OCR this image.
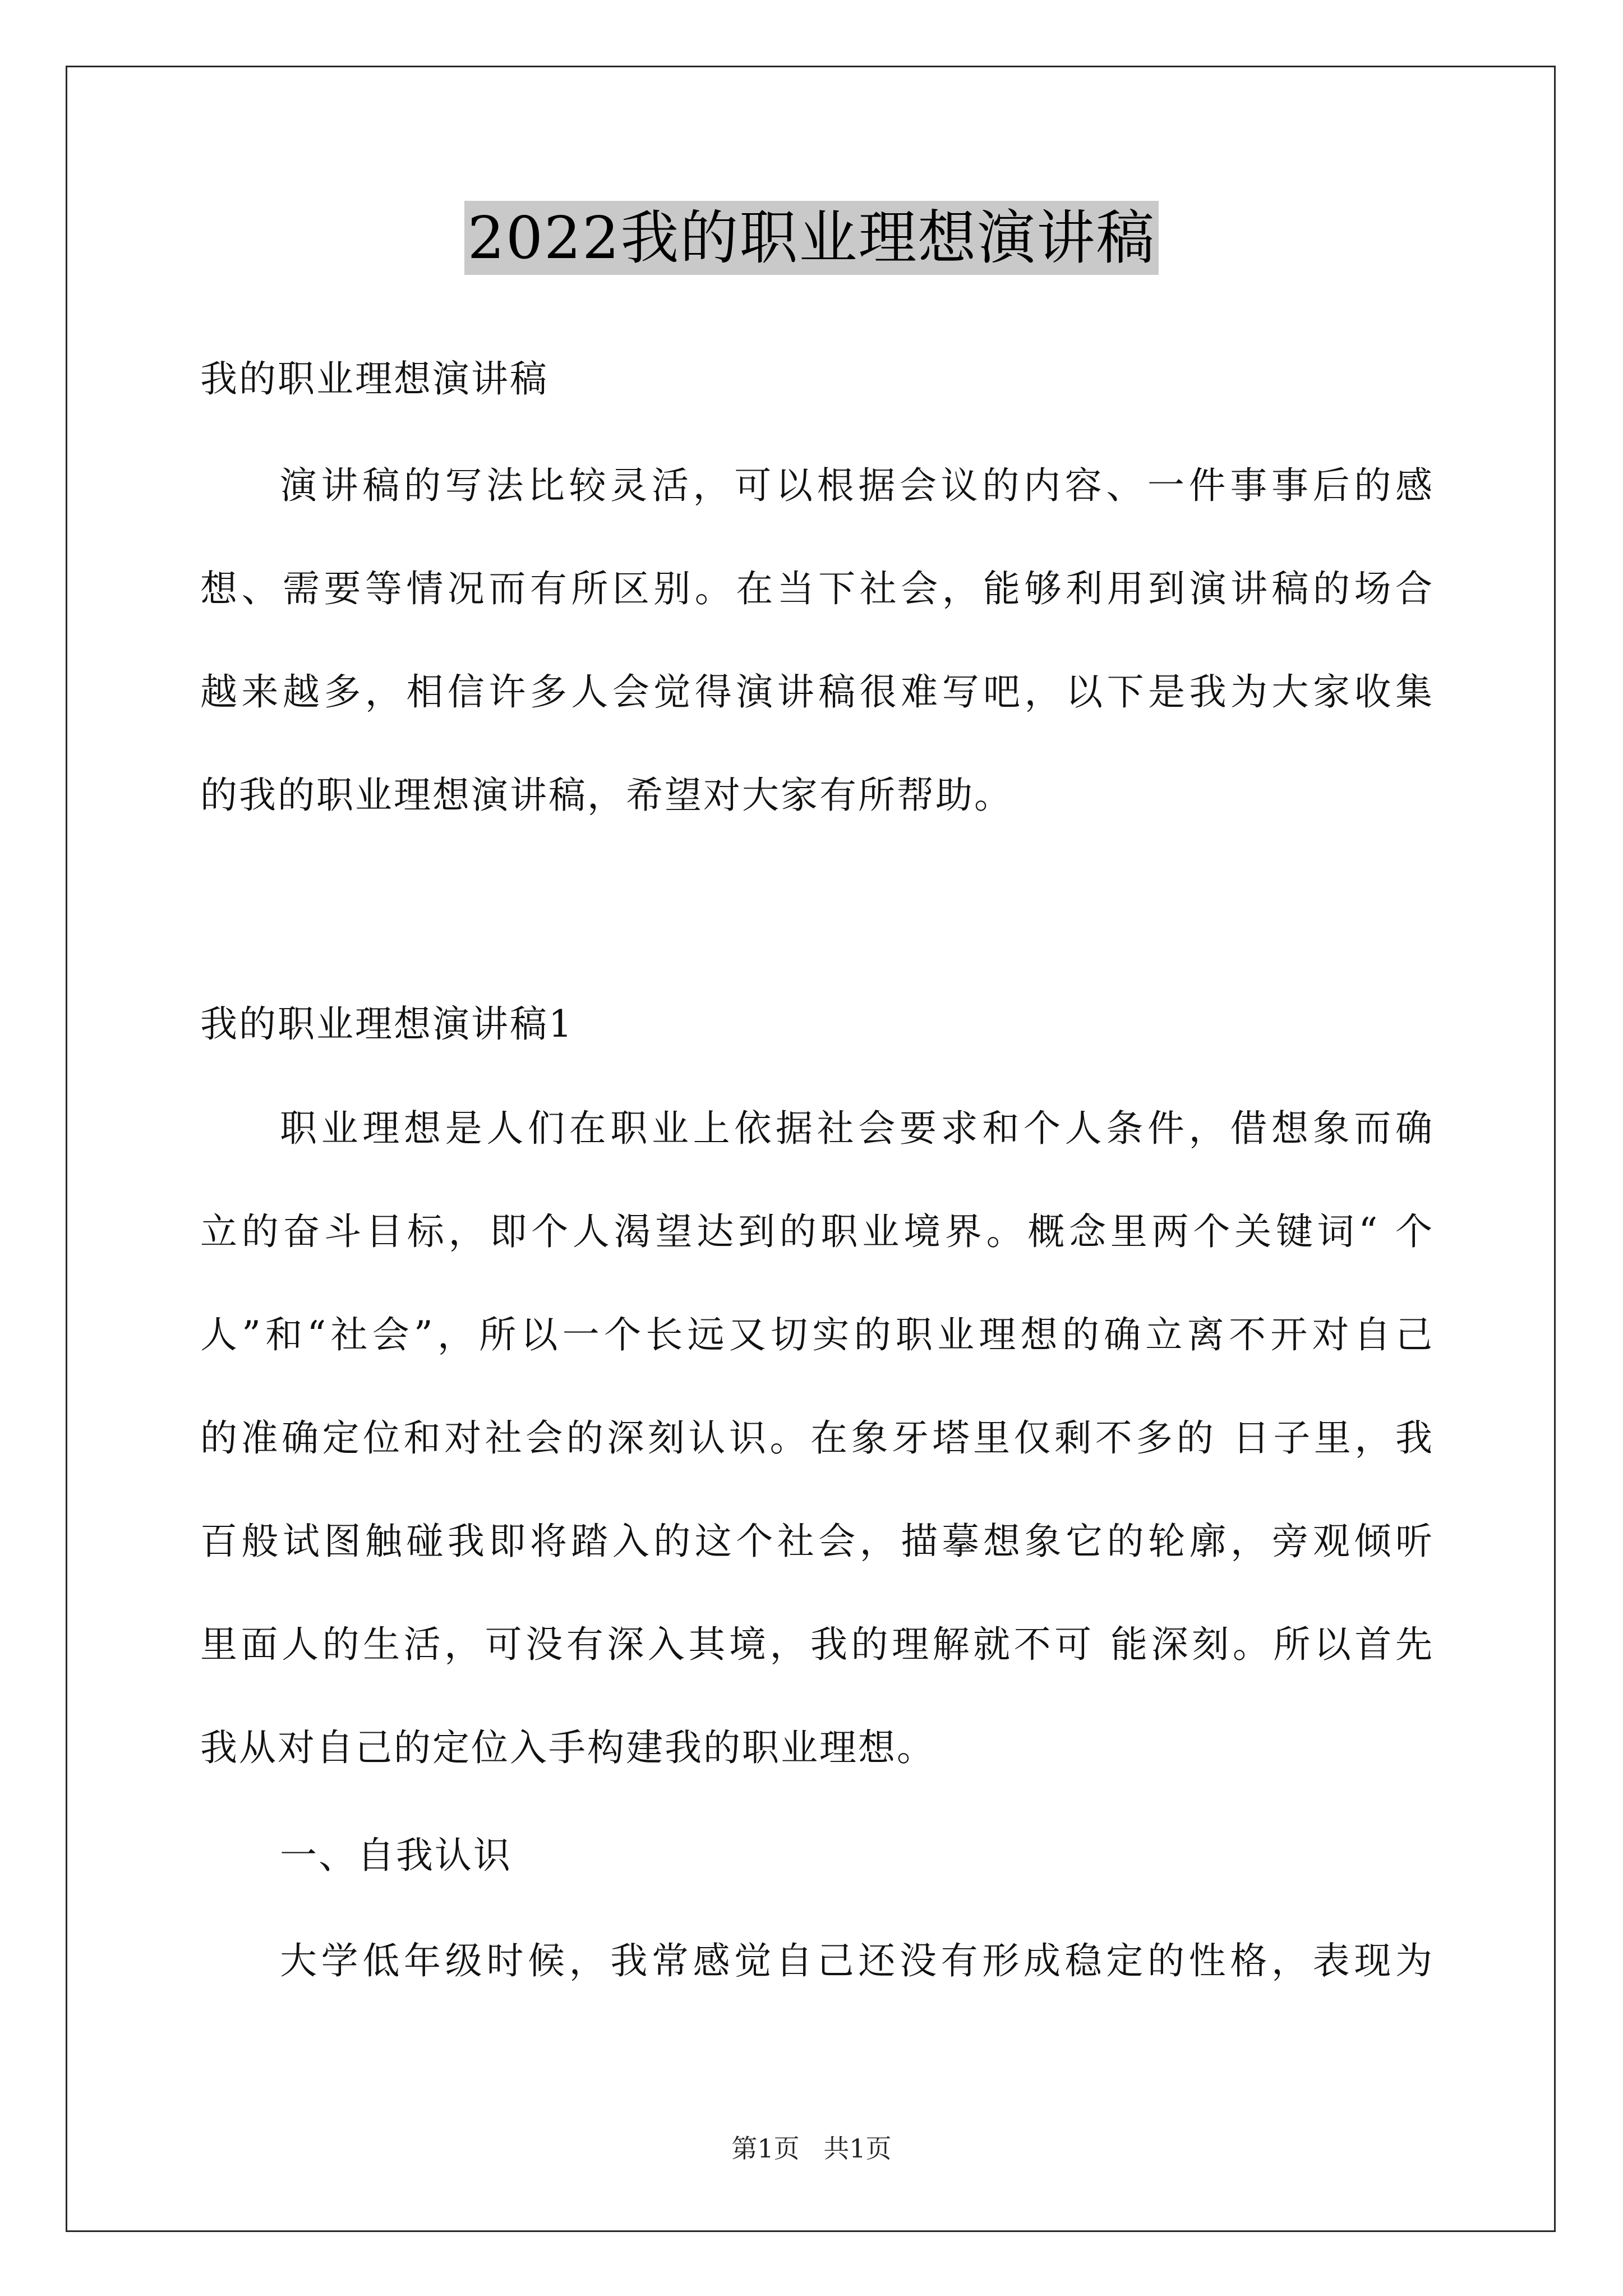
2022我的职业理想演讲稿
我的职业理想演讲稿
演讲稿的写法比较灵活，可以根据会议的内容、一件事事后的感
想、需要等情况而有所区别。在当下社会，能够利用到演讲稿的场合
越来越多，相信许多人会觉得演讲稿很难写吧，以下是我为大家收集
的我的职业理想演讲稿，希望对大家有所帮助。
我的职业理想演讲稿1
职业理想是人们在职业上依据社会要求和个人条件，借想象而确
立的奋斗目标，即个人渴望达到的职业境界。概念里两个关键词“ 个
人”和“社会”，所以一个长远又切实的职业理想的确立离不开对自己
的准确定位和对社会的深刻认识。在象牙塔里仅剩不多的 日子里，我
百般试图触碰我即将踏入的这个社会，描摹想象它的轮廓，旁观倾听
里面人的生活，可没有深入其境，我的理解就不可 能深刻。所以首先
我从对自己的定位入手构建我的职业理想。
一、自我认识
大学低年级时候，我常感觉自己还没有形成稳定的性格，表现为
第1页 共1页
